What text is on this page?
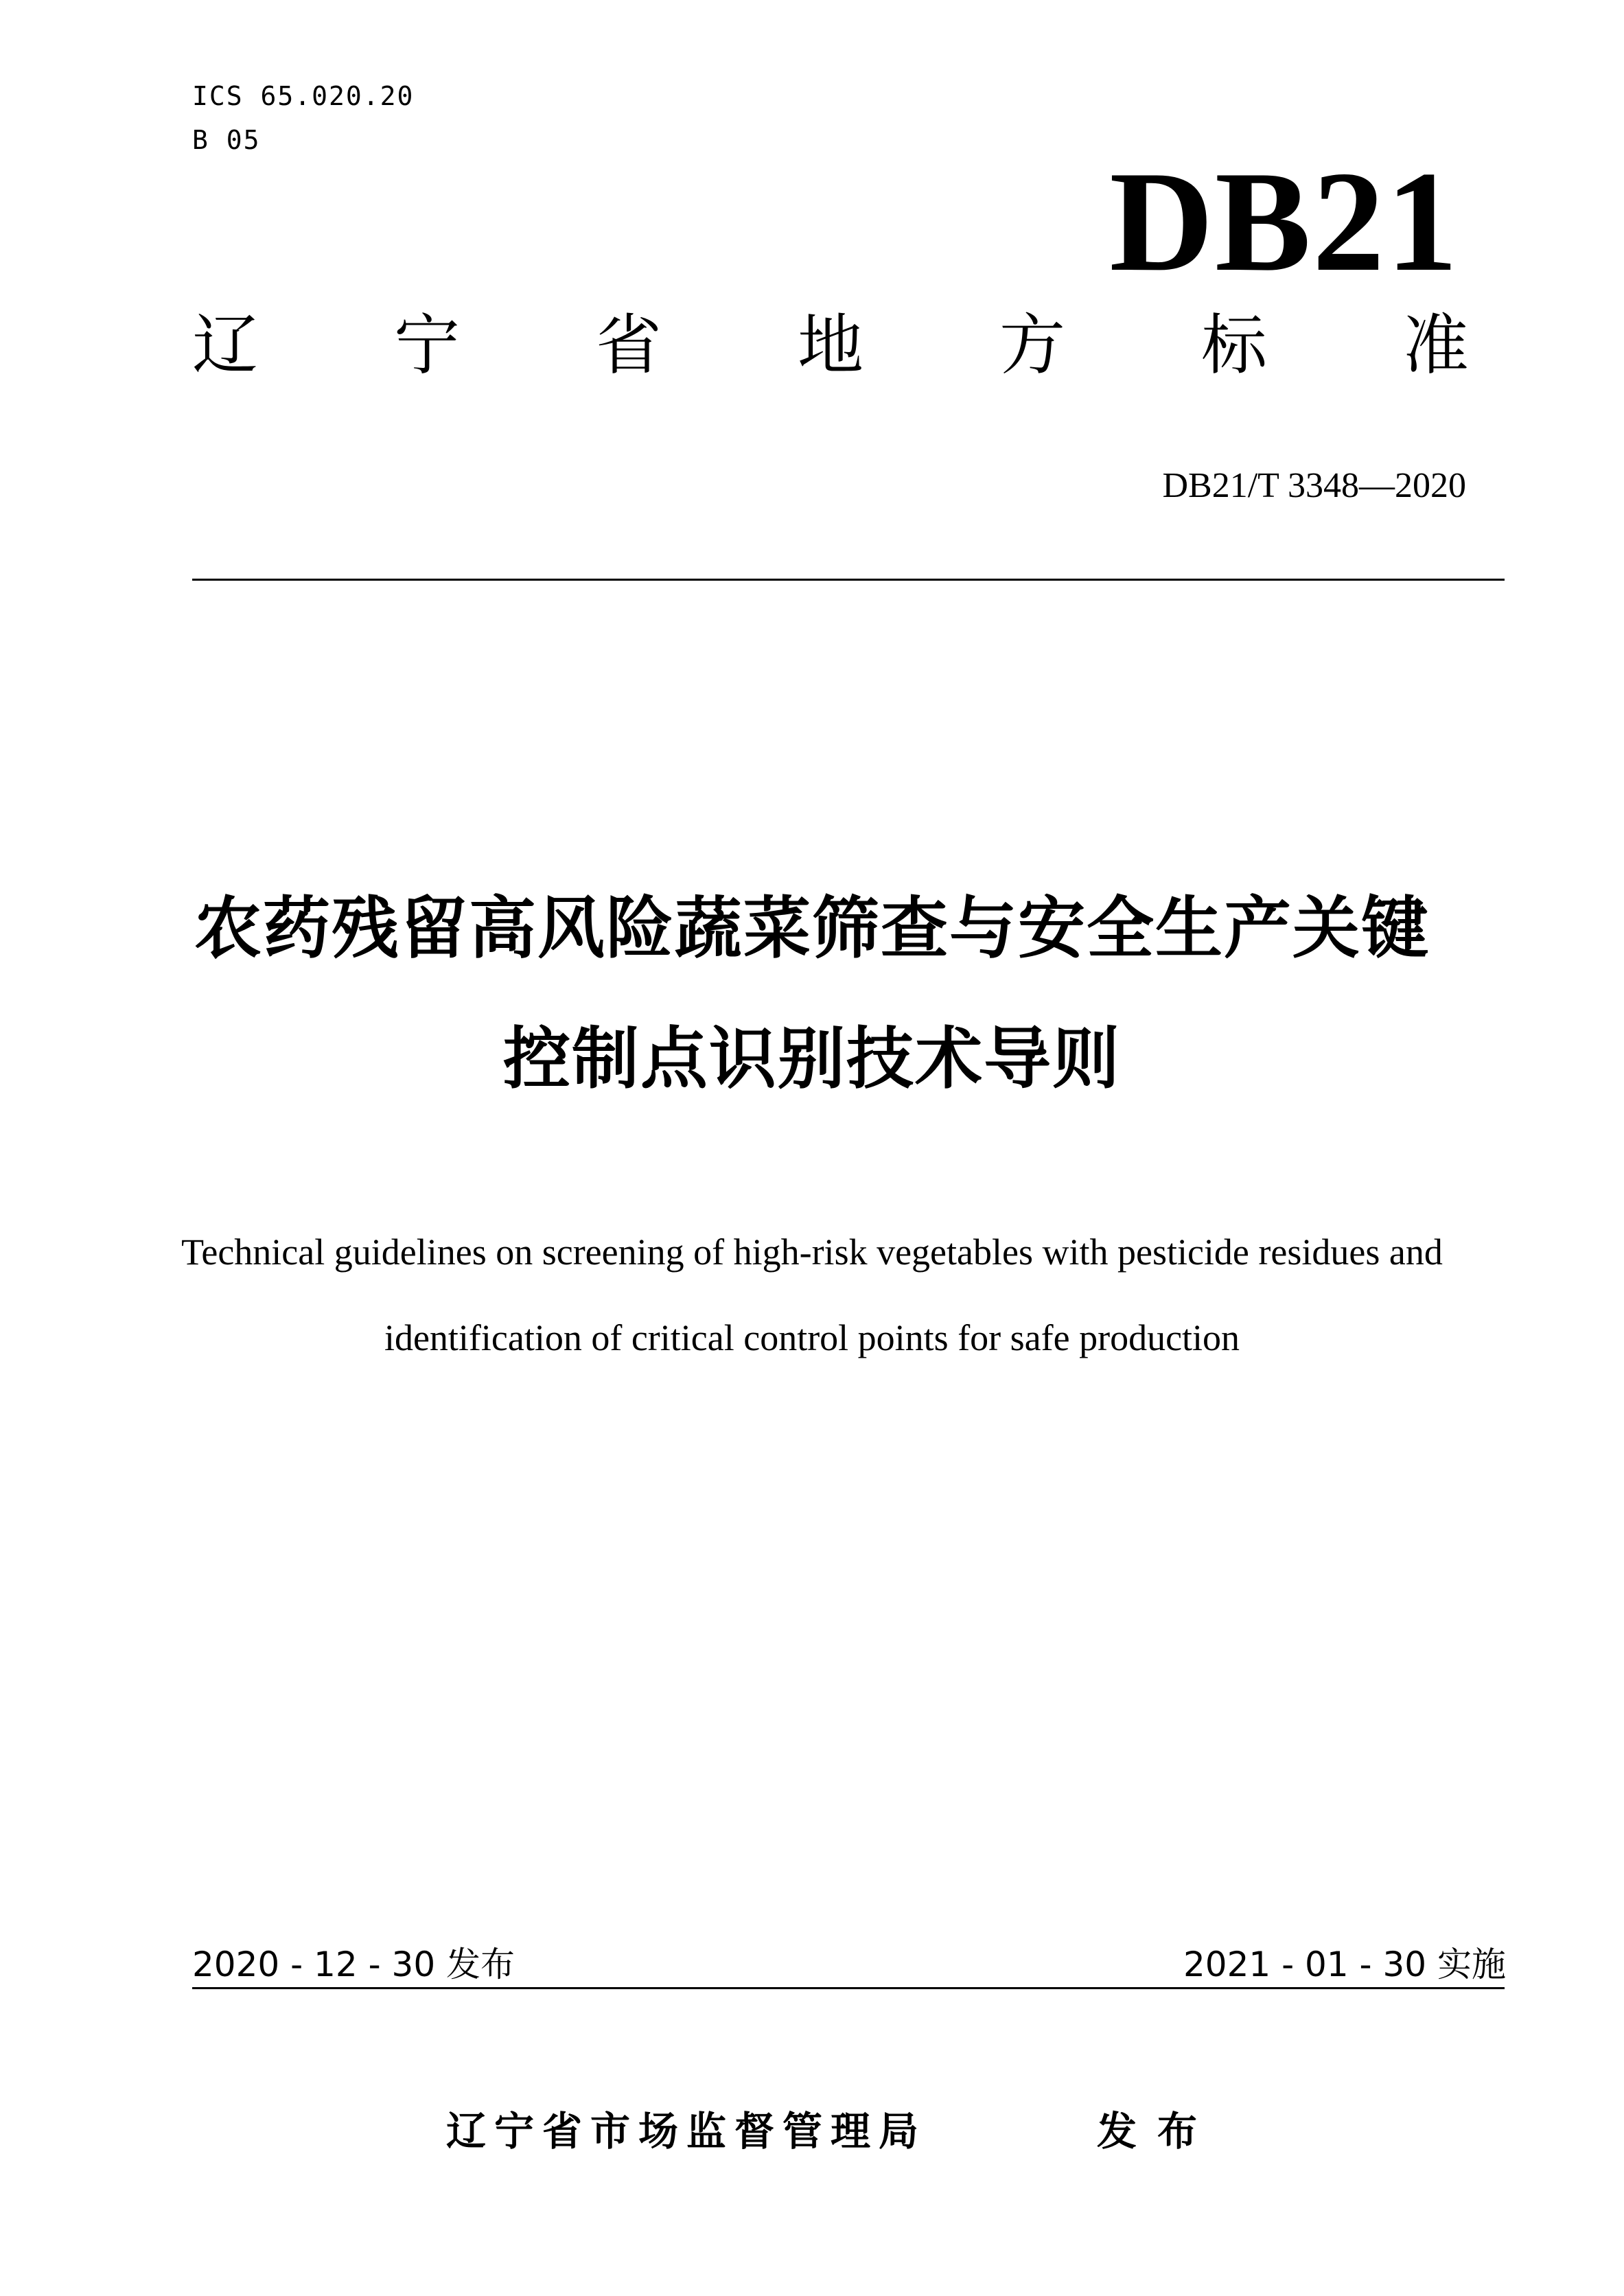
ICS 65.020.20
B 05
DB21
辽 宁 省 地 方 标 准
DB21/T 3348—2020
农药残留高风险蔬菜筛查与安全生产关键
控制点识别技术导则
Technical guidelines on screening of high-risk vegetables with pesticide residues and
identification of critical control points for safe production
2020 - 12 - 30 发布	2021 - 01 - 30 实施
辽宁省市场监督管理局	发布
